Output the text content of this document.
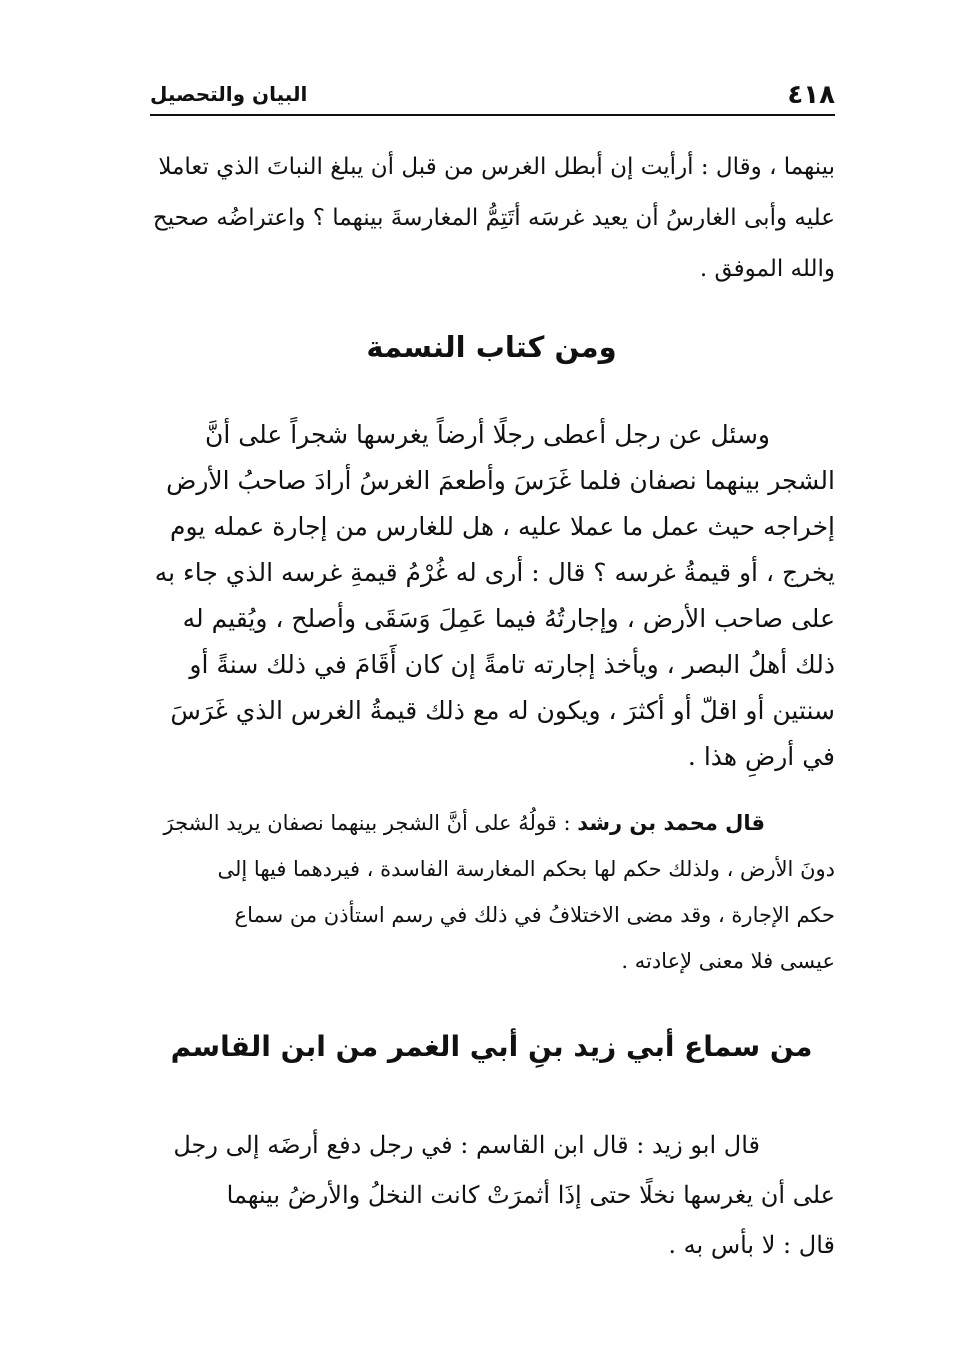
٤١٨
البيان والتحصيل
بينهما ، وقال : أرأيت إن أبطل الغرس من قبل أن يبلغ النباتَ الذي تعاملا
عليه وأبى الغارسُ أن يعيد غرسَه أتَتِمُّ المغارسةَ بينهما ؟ واعتراضُه صحيح
والله الموفق .
ومن كتاب النسمة
وسئل عن رجل أعطى رجلًا أرضاً يغرسها شجراً على أنَّ
الشجر بينهما نصفان فلما غَرَسَ وأطعمَ الغرسُ أرادَ صاحبُ الأرض
إخراجه حيث عمل ما عملا عليه ، هل للغارس من إجارة عمله يوم
يخرج ، أو قيمةُ غرسه ؟ قال : أرى له غُرْمُ قيمةِ غرسه الذي جاء به
على صاحب الأرض ، وإجارتُهُ فيما عَمِلَ وَسَقَى وأصلح ، ويُقيم له
ذلك أهلُ البصر ، ويأخذ إجارته تامةً إن كان أَقَامَ في ذلك سنةً أو
سنتين أو اقلّ أو أكثرَ ، ويكون له مع ذلك قيمةُ الغرس الذي غَرَسَ
في أرضِ هذا .
قال محمد بن رشد : قولُهُ على أنَّ الشجر بينهما نصفان يريد الشجرَ
دونَ الأرض ، ولذلك حكم لها بحكم المغارسة الفاسدة ، فيردهما فيها إلى
حكم الإجارة ، وقد مضى الاختلافُ في ذلك في رسم استأذن من سماع
عيسى فلا معنى لإعادته .
من سماع أبي زيد بنِ أبي الغمر من ابن القاسم
قال ابو زيد : قال ابن القاسم : في رجل دفع أرضَه إلى رجل
على أن يغرسها نخلًا حتى إذَا أثمرَتْ كانت النخلُ والأرضُ بينهما
قال : لا بأس به .
